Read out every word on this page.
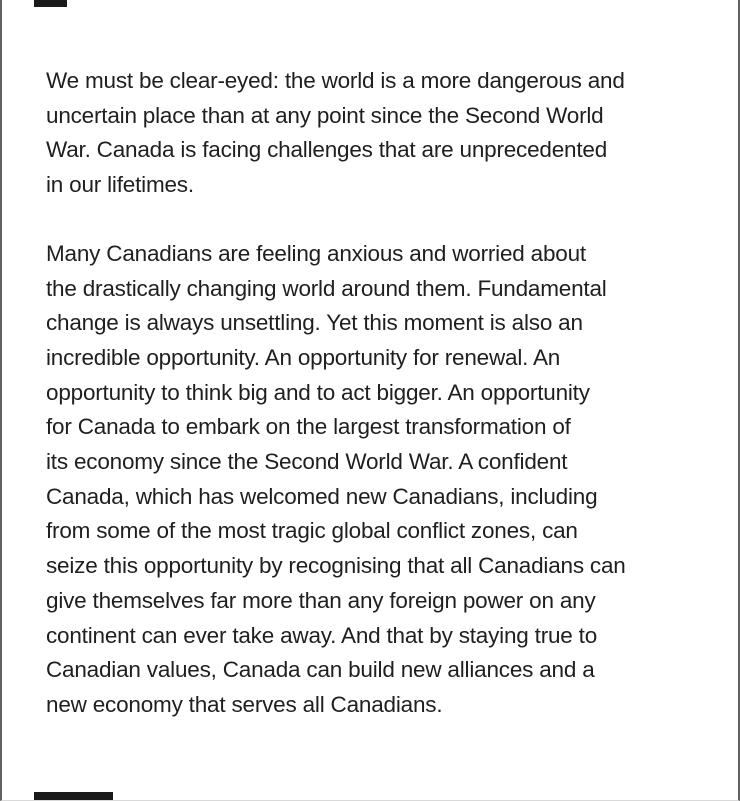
We must be clear-eyed: the world is a more dangerous and
uncertain place than at any point since the Second World
War. Canada is facing challenges that are unprecedented
in our lifetimes.

Many Canadians are feeling anxious and worried about
the drastically changing world around them. Fundamental
change is always unsettling. Yet this moment is also an
incredible opportunity. An opportunity for renewal. An
opportunity to think big and to act bigger. An opportunity
for Canada to embark on the largest transformation of
its economy since the Second World War. A confident
Canada, which has welcomed new Canadians, including
from some of the most tragic global conflict zones, can
seize this opportunity by recognising that all Canadians can
give themselves far more than any foreign power on any
continent can ever take away. And that by staying true to
Canadian values, Canada can build new alliances and a
new economy that serves all Canadians.
